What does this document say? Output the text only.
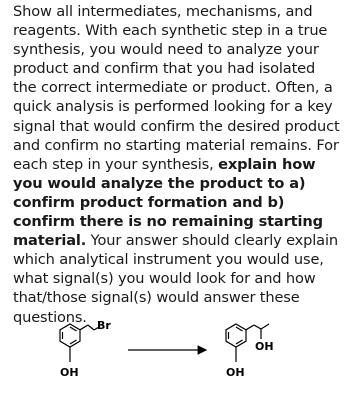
Show all intermediates, mechanisms, and reagents. With each synthetic step in a true synthesis, you would need to analyze your product and confirm that you had isolated the correct intermediate or product. Often, a quick analysis is performed looking for a key signal that would confirm the desired product and confirm no starting material remains. For each step in your synthesis, explain how you would analyze the product to a) confirm product formation and b) confirm there is no remaining starting material. Your answer should clearly explain which analytical instrument you would use, what signal(s) you would look for and how that/those signal(s) would answer these questions. Br
OH
OH
OH
